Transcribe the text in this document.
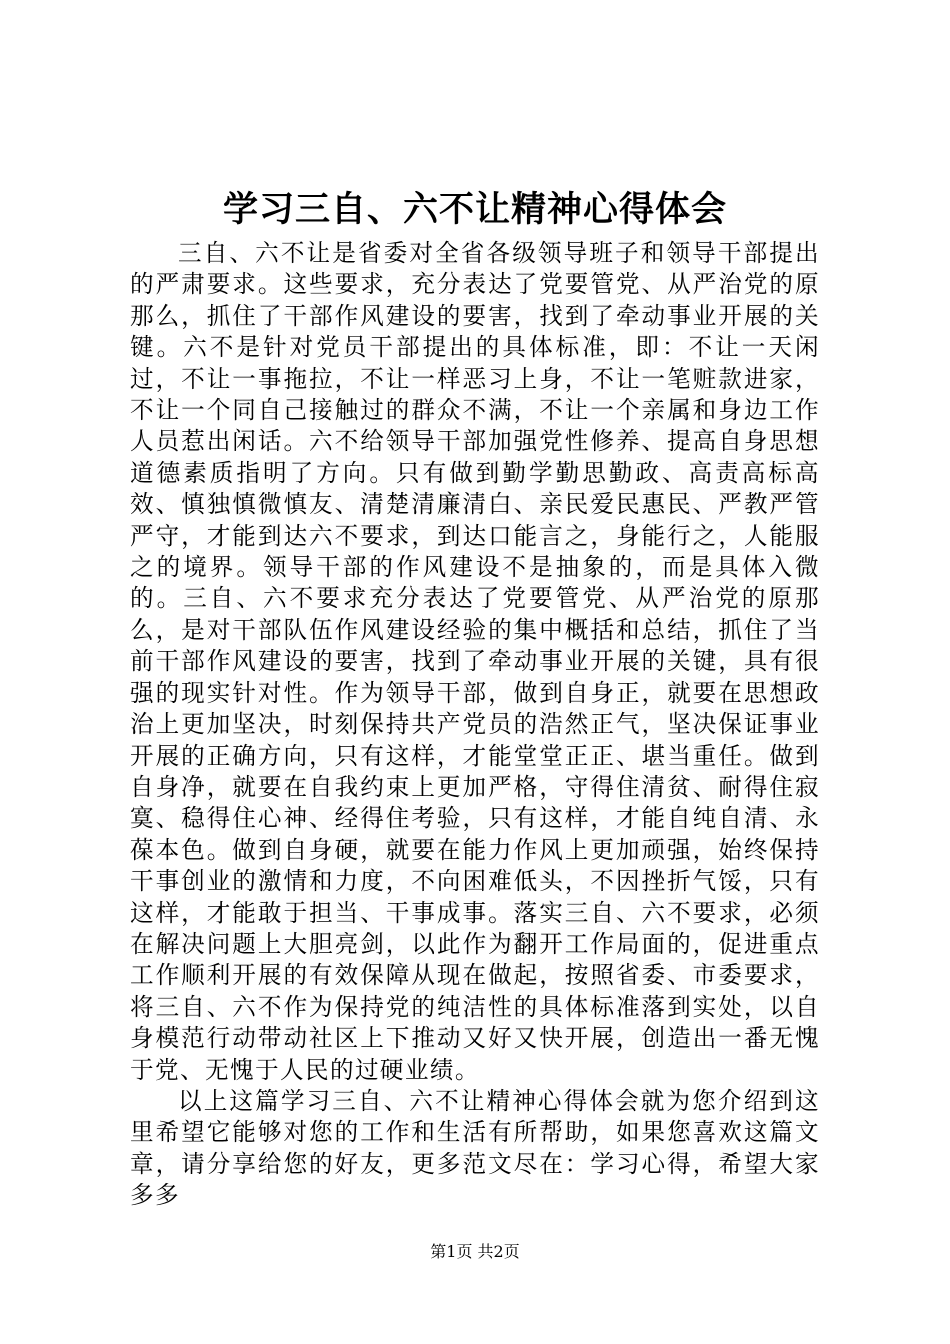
学习三自、六不让精神心得体会

三自、六不让是省委对全省各级领导班子和领导干部提出的严肃要求。这些要求，充分表达了党要管党、从严治党的原那么，抓住了干部作风建设的要害，找到了牵动事业开展的关键。六不是针对党员干部提出的具体标准，即：不让一天闲过，不让一事拖拉，不让一样恶习上身，不让一笔赃款进家，不让一个同自己接触过的群众不满，不让一个亲属和身边工作人员惹出闲话。六不给领导干部加强党性修养、提高自身思想道德素质指明了方向。只有做到勤学勤思勤政、高责高标高效、慎独慎微慎友、清楚清廉清白、亲民爱民惠民、严教严管严守，才能到达六不要求，到达口能言之，身能行之，人能服之的境界。领导干部的作风建设不是抽象的，而是具体入微的。三自、六不要求充分表达了党要管党、从严治党的原那么，是对干部队伍作风建设经验的集中概括和总结，抓住了当前干部作风建设的要害，找到了牵动事业开展的关键，具有很强的现实针对性。作为领导干部，做到自身正，就要在思想政治上更加坚决，时刻保持共产党员的浩然正气，坚决保证事业开展的正确方向，只有这样，才能堂堂正正、堪当重任。做到自身净，就要在自我约束上更加严格，守得住清贫、耐得住寂寞、稳得住心神、经得住考验，只有这样，才能自纯自清、永葆本色。做到自身硬，就要在能力作风上更加顽强，始终保持干事创业的激情和力度，不向困难低头，不因挫折气馁，只有这样，才能敢于担当、干事成事。落实三自、六不要求，必须在解决问题上大胆亮剑，以此作为翻开工作局面的，促进重点工作顺利开展的有效保障从现在做起，按照省委、市委要求，将三自、六不作为保持党的纯洁性的具体标准落到实处，以自身模范行动带动社区上下推动又好又快开展，创造出一番无愧于党、无愧于人民的过硬业绩。

以上这篇学习三自、六不让精神心得体会就为您介绍到这里希望它能够对您的工作和生活有所帮助，如果您喜欢这篇文章，请分享给您的好友，更多范文尽在：学习心得，希望大家多多

第1页 共2页
